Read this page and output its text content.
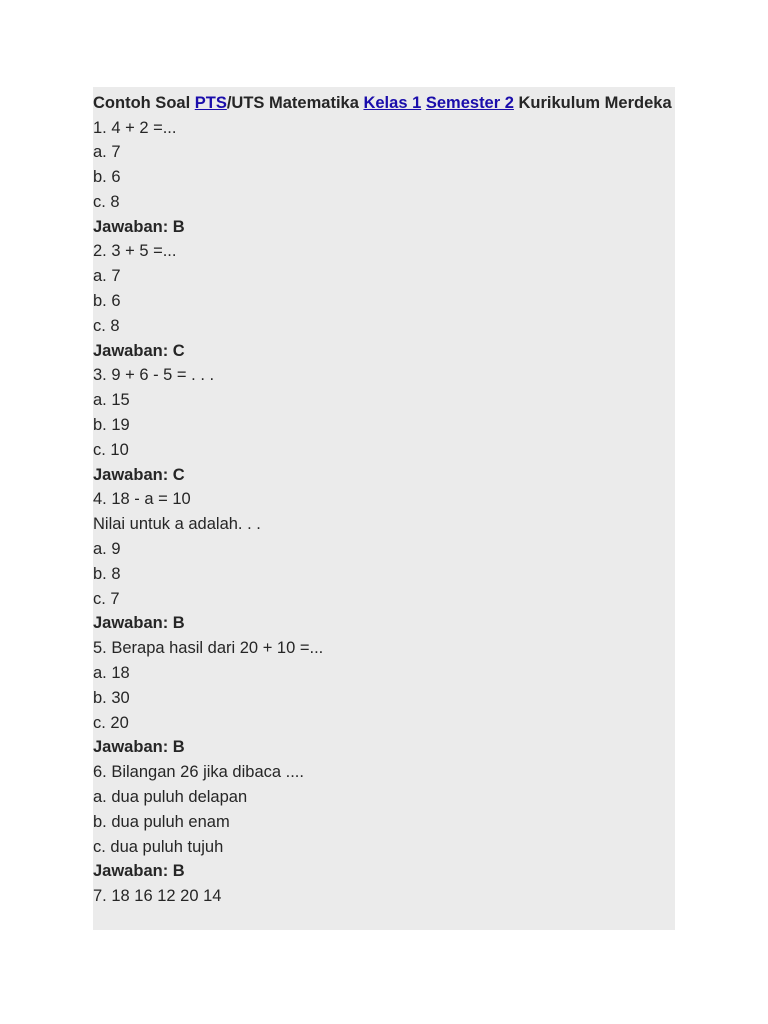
Contoh Soal PTS/UTS Matematika Kelas 1 Semester 2 Kurikulum Merdeka

1. 4 + 2 =...
a. 7
b. 6
c. 8
Jawaban: B
2. 3 + 5 =...
a. 7
b. 6
c. 8
Jawaban: C
3. 9 + 6 - 5 = . . .
a. 15
b. 19
c. 10
Jawaban: C
4. 18 - a = 10
Nilai untuk a adalah. . .
a. 9
b. 8
c. 7
Jawaban: B
5. Berapa hasil dari 20 + 10 =...
a. 18
b. 30
c. 20
Jawaban: B
6. Bilangan 26 jika dibaca ....
a. dua puluh delapan
b. dua puluh enam
c. dua puluh tujuh
Jawaban: B
7. 18 16 12 20 14
